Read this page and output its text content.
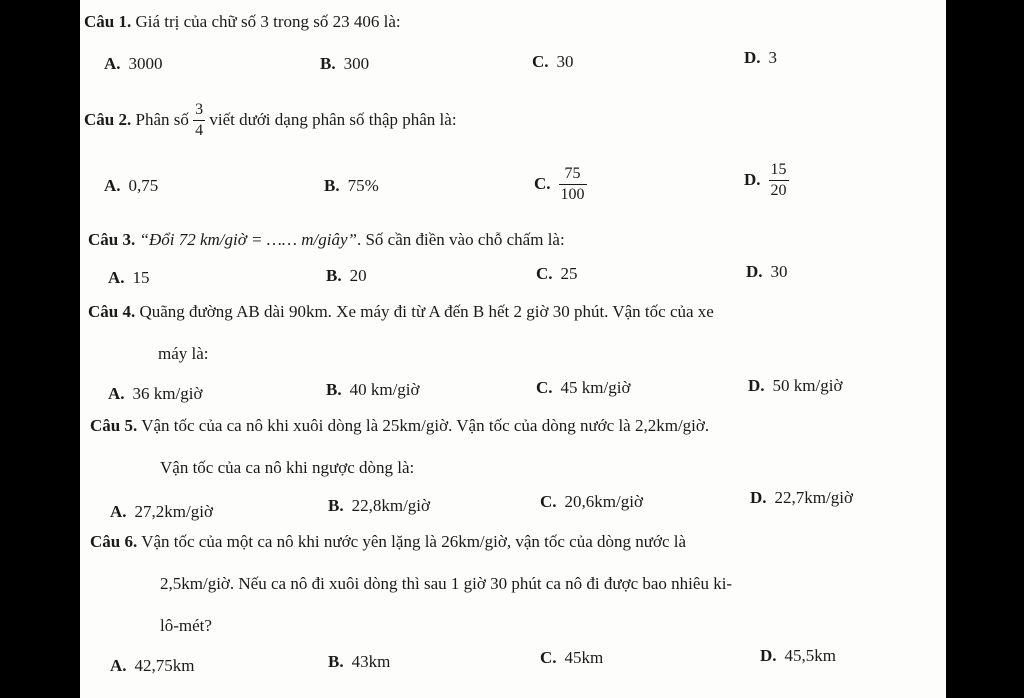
Câu 1. Giá trị của chữ số 3 trong số 23 406 là:
A. 3000	B. 300	C. 30	D. 3
Câu 2.
Phân số
$\frac{3}{4}$
viết dưới dạng phân số thập phân là:
A. 0,75	B. 75%	C. $\frac{75}{100}$	D. $\frac{15}{20}$
Câu 3. “Đổi 72 km/giờ = …… m/giây”. Số cần điền vào chỗ chấm là:
A. 15	B. 20	C. 25	D. 30
Câu 4. Quãng đường AB dài 90km. Xe máy đi từ A đến B hết 2 giờ 30 phút. Vận tốc của xe
máy là:
A. 36 km/giờ	B. 40 km/giờ	C. 45 km/giờ	D. 50 km/giờ
Câu 5. Vận tốc của ca nô khi xuôi dòng là 25km/giờ. Vận tốc của dòng nước là 2,2km/giờ.
Vận tốc của ca nô khi ngược dòng là:
A. 27,2km/giờ	B. 22,8km/giờ	C. 20,6km/giờ	D. 22,7km/giờ
Câu 6. Vận tốc của một ca nô khi nước yên lặng là 26km/giờ, vận tốc của dòng nước là
2,5km/giờ. Nếu ca nô đi xuôi dòng thì sau 1 giờ 30 phút ca nô đi được bao nhiêu ki-
lô-mét?
A. 42,75km	B. 43km	C. 45km	D. 45,5km
